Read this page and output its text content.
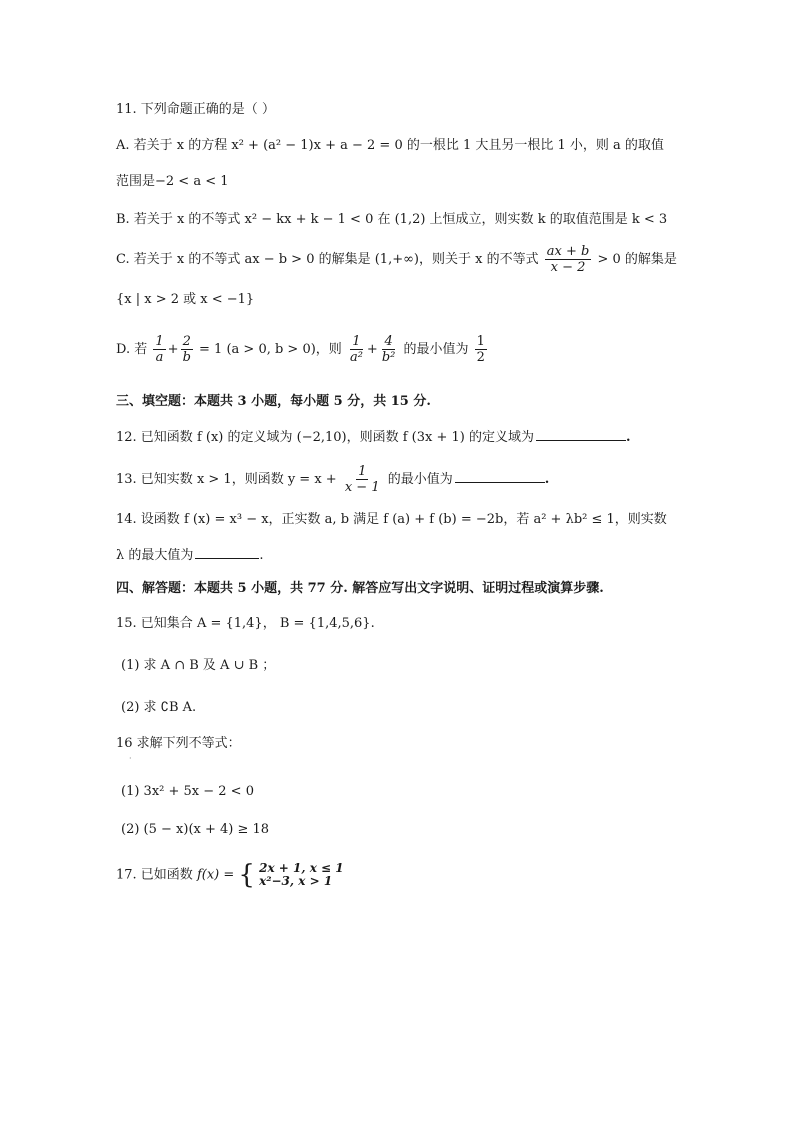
11. 下列命题正确的是（ ）
A. 若关于 x 的方程 x² + (a² − 1)x + a − 2 = 0 的一根比 1 大且另一根比 1 小，则 a 的取值
范围是−2 < a < 1
B. 若关于 x 的不等式 x² − kx + k − 1 < 0 在 (1,2) 上恒成立，则实数 k 的取值范围是 k < 3
C. 若关于 x 的不等式 ax − b > 0 的解集是 (1,+∞)，则关于 x 的不等式 $\frac{ax + b}{x - 2} > 0$ 的解集是
{x | x > 2 或 x < −1}
D. 若 $\frac{1}{a} + \frac{2}{b} = 1$ (a > 0, b > 0)，则 $\frac{1}{\text{a²}} + \frac{4}{\text{b²}}$ 的最小值为 $\frac{1}{2}$
三、填空题：本题共 3 小题，每小题 5 分，共 15 分.
12. 已知函数 f (x) 的定义域为 (−2,10)，则函数 f (3x + 1) 的定义域为	.
13. 已知实数 x > 1，则函数 $y = x + \frac{1}{x - 1}$ 的最小值为	.
14. 设函数 f (x) = x³ − x，正实数 a, b 满足 f (a) + f (b) = −2b，若 a² + λb² ≤ 1，则实数
λ 的最大值为	.
四、解答题：本题共 5 小题，共 77 分. 解答应写出文字说明、证明过程或演算步骤.
15. 已知集合 A = {1,4}， B = {1,4,5,6}.
(1) 求 A ∩ B 及 A ∪ B ；
(2) 求 ∁B A.
16 求解下列不等式：
·
(1) 3x² + 5x − 2 < 0
(2) (5 − x)(x + 4) ≥ 18
17. 已如函数 f(x) = { 2x + 1, x ≤ 1
x²−3, x > 1
